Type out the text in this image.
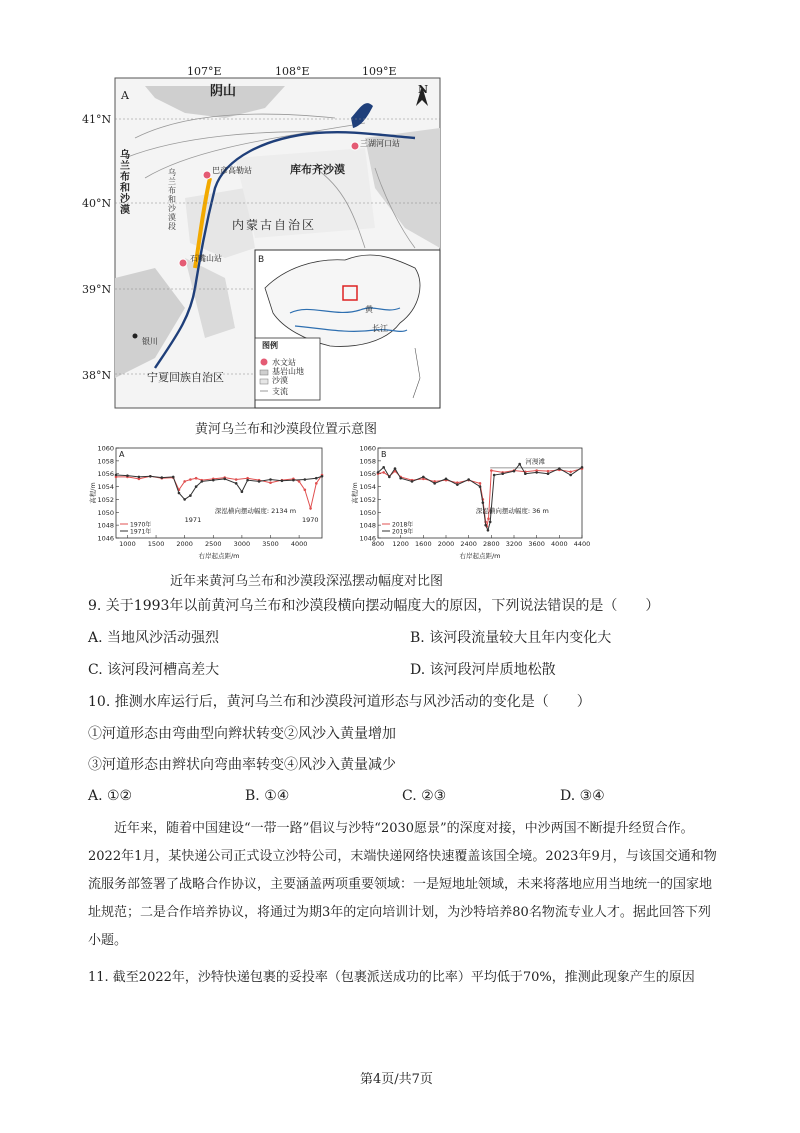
A
107°E	108°E	109°E
41°N
40°N
39°N
38°N
阴山	N
库布齐沙漠
内蒙古自治区
宁夏回族自治区
三湖河口站
巴彦高勒站
石嘴山站
银川
乌兰布和沙漠
乌兰布和沙漠段
B
黄
长江
图例
水文站
基岩山地
沙漠
支流
黄河乌兰布和沙漠段位置示意图
A
1046
1048
1050
1052
1054
1056
1058
1060
1000 1500 2000 2500 3000 3500 4000
右岸起点距/m
高程/m
1970年
1971年
深泓横向摆动幅度: 2134 m
1971	1970
B
1046
1048
1050
1052
1054
1056
1058
1060
800 1200 1600 2000 2400 2800 3200 3600 4000 4400
右岸起点距/m
高程/m
2018年
2019年
深泓横向摆动幅度: 36 m
河漫滩
近年来黄河乌兰布和沙漠段深泓摆动幅度对比图
9. 关于1993年以前黄河乌兰布和沙漠段横向摆动幅度大的原因，下列说法错误的是（　　）
A. 当地风沙活动强烈	B. 该河段流量较大且年内变化大
C. 该河段河槽高差大	D. 该河段河岸质地松散
10. 推测水库运行后，黄河乌兰布和沙漠段河道形态与风沙活动的变化是（　　）
①河道形态由弯曲型向辫状转变②风沙入黄量增加
③河道形态由辫状向弯曲率转变④风沙入黄量减少
A. ①②	B. ①④	C. ②③	D. ③④
近年来，随着中国建设“一带一路”倡议与沙特“2030愿景”的深度对接，中沙两国不断提升经贸合作。2022年1月，某快递公司正式设立沙特公司，末端快递网络快速覆盖该国全境。2023年9月，与该国交通和物流服务部签署了战略合作协议，主要涵盖两项重要领域：一是短地址领域，未来将落地应用当地统一的国家地址规范；二是合作培养协议，将通过为期3年的定向培训计划，为沙特培养80名物流专业人才。据此回答下列小题。
11. 截至2022年，沙特快递包裹的妥投率（包裹派送成功的比率）平均低于70%，推测此现象产生的原因
第4页/共7页
